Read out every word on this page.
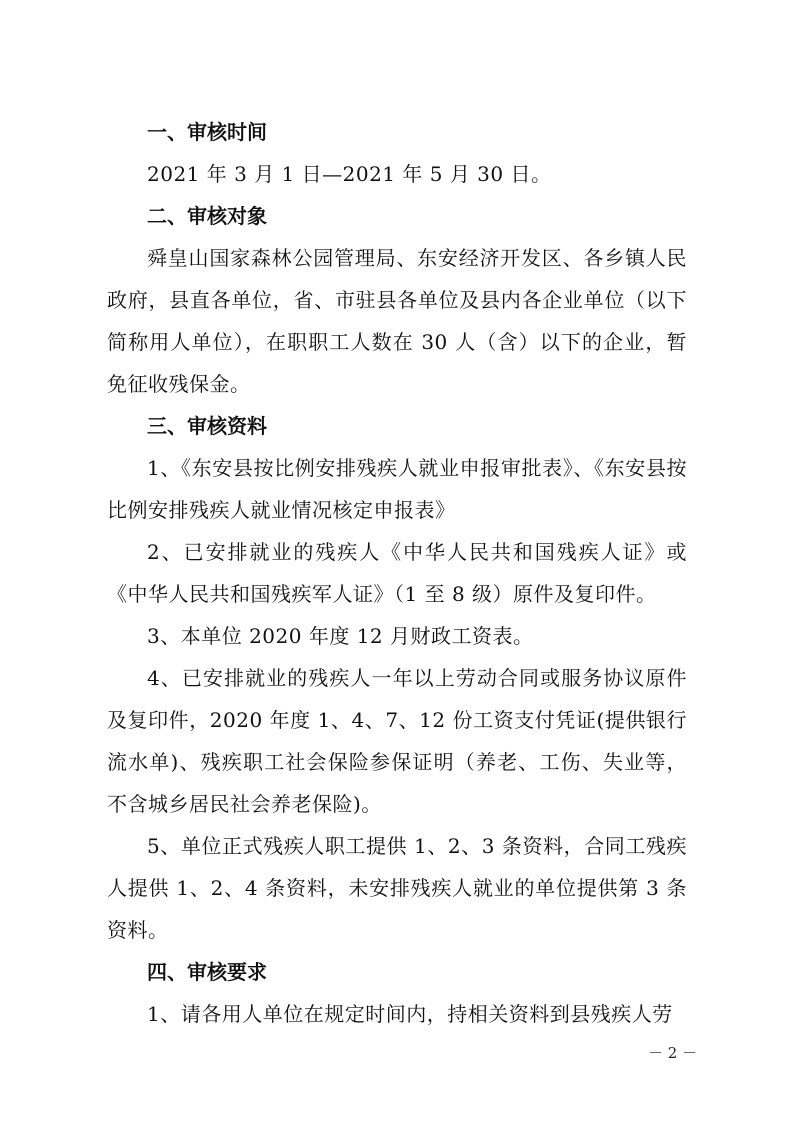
一、审核时间

2021 年 3 月 1 日—2021 年 5 月 30 日。

二、审核对象

舜皇山国家森林公园管理局、东安经济开发区、各乡镇人民政府，县直各单位，省、市驻县各单位及县内各企业单位（以下简称用人单位），在职职工人数在 30 人（含）以下的企业，暂免征收残保金。

三、审核资料

1、《东安县按比例安排残疾人就业申报审批表》、《东安县按比例安排残疾人就业情况核定申报表》

2、已安排就业的残疾人《中华人民共和国残疾人证》或《中华人民共和国残疾军人证》（1 至 8 级）原件及复印件。

3、本单位 2020 年度 12 月财政工资表。

4、已安排就业的残疾人一年以上劳动合同或服务协议原件及复印件，2020 年度 1、4、7、12 份工资支付凭证(提供银行流水单)、残疾职工社会保险参保证明（养老、工伤、失业等，不含城乡居民社会养老保险)。

5、单位正式残疾人职工提供 1、2、3 条资料，合同工残疾人提供 1、2、4 条资料，未安排残疾人就业的单位提供第 3 条资料。

四、审核要求

1、请各用人单位在规定时间内，持相关资料到县残疾人劳

－ 2 －
